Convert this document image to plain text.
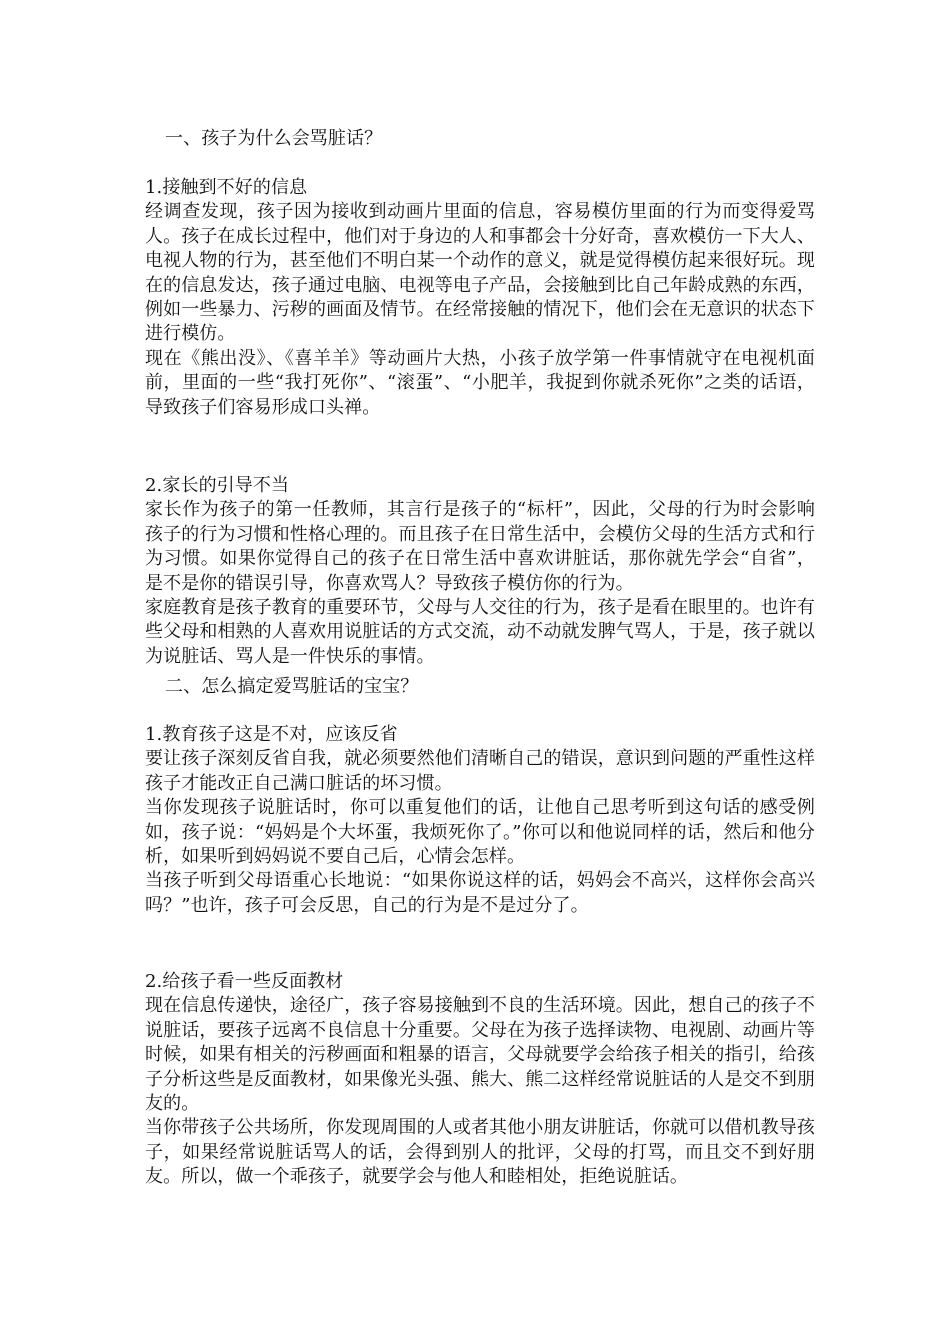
一、孩子为什么会骂脏话？

1.接触到不好的信息

经调查发现，孩子因为接收到动画片里面的信息，容易模仿里面的行为而变得爱骂人。孩子在成长过程中，他们对于身边的人和事都会十分好奇，喜欢模仿一下大人、电视人物的行为，甚至他们不明白某一个动作的意义，就是觉得模仿起来很好玩。现在的信息发达，孩子通过电脑、电视等电子产品，会接触到比自己年龄成熟的东西，例如一些暴力、污秽的画面及情节。在经常接触的情况下，他们会在无意识的状态下进行模仿。

现在《熊出没》、《喜羊羊》等动画片大热，小孩子放学第一件事情就守在电视机面前，里面的一些“我打死你”、“滚蛋”、“小肥羊，我捉到你就杀死你”之类的话语，导致孩子们容易形成口头禅。

2.家长的引导不当

家长作为孩子的第一任教师，其言行是孩子的“标杆”，因此，父母的行为时会影响孩子的行为习惯和性格心理的。而且孩子在日常生活中，会模仿父母的生活方式和行为习惯。如果你觉得自己的孩子在日常生活中喜欢讲脏话，那你就先学会“自省”，是不是你的错误引导，你喜欢骂人？导致孩子模仿你的行为。

家庭教育是孩子教育的重要环节，父母与人交往的行为，孩子是看在眼里的。也许有些父母和相熟的人喜欢用说脏话的方式交流，动不动就发脾气骂人，于是，孩子就以为说脏话、骂人是一件快乐的事情。

二、怎么搞定爱骂脏话的宝宝？

1.教育孩子这是不对，应该反省

要让孩子深刻反省自我，就必须要然他们清晰自己的错误，意识到问题的严重性这样孩子才能改正自己满口脏话的坏习惯。

当你发现孩子说脏话时，你可以重复他们的话，让他自己思考听到这句话的感受例如，孩子说：“妈妈是个大坏蛋，我烦死你了。”你可以和他说同样的话，然后和他分析，如果听到妈妈说不要自己后，心情会怎样。

当孩子听到父母语重心长地说：“如果你说这样的话，妈妈会不高兴，这样你会高兴吗？”也许，孩子可会反思，自己的行为是不是过分了。

2.给孩子看一些反面教材

现在信息传递快，途径广，孩子容易接触到不良的生活环境。因此，想自己的孩子不说脏话，要孩子远离不良信息十分重要。父母在为孩子选择读物、电视剧、动画片等时候，如果有相关的污秽画面和粗暴的语言，父母就要学会给孩子相关的指引，给孩子分析这些是反面教材，如果像光头强、熊大、熊二这样经常说脏话的人是交不到朋友的。

当你带孩子公共场所，你发现周围的人或者其他小朋友讲脏话，你就可以借机教导孩子，如果经常说脏话骂人的话，会得到别人的批评，父母的打骂，而且交不到好朋友。所以，做一个乖孩子，就要学会与他人和睦相处，拒绝说脏话。
